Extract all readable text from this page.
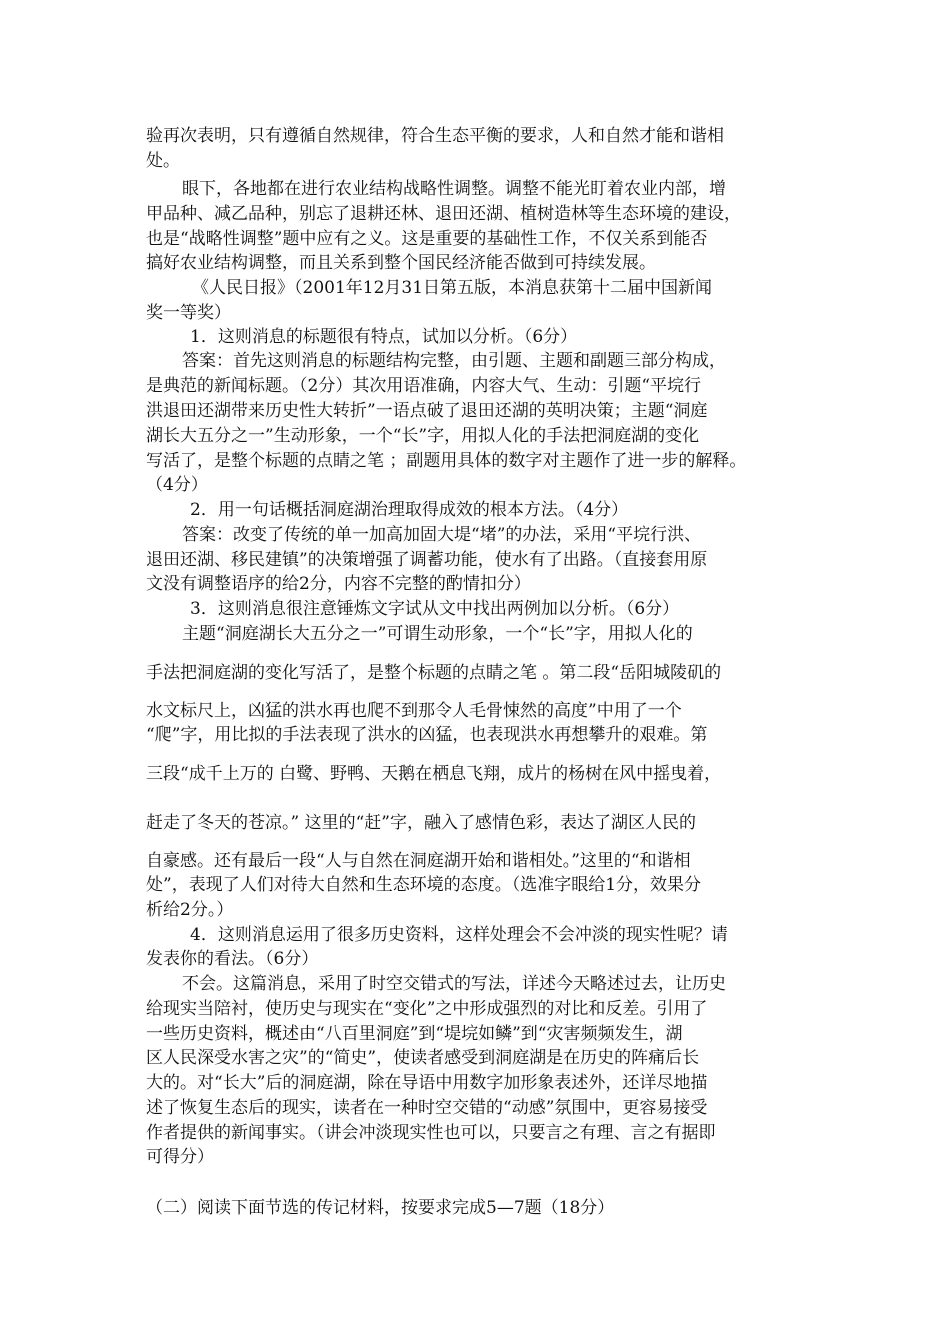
验再次表明，只有遵循自然规律，符合生态平衡的要求，人和自然才能和谐相
处。
眼下，各地都在进行农业结构战略性调整。调整不能光盯着农业内部，增
甲品种、减乙品种，别忘了退耕还林、退田还湖、植树造林等生态环境的建设，
也是“战略性调整”题中应有之义。这是重要的基础性工作，不仅关系到能否
搞好农业结构调整，而且关系到整个国民经济能否做到可持续发展。
《人民日报》（2001年12月31日第五版，本消息获第十二届中国新闻
奖一等奖）
1．这则消息的标题很有特点，试加以分析。（6分）
答案：首先这则消息的标题结构完整，由引题、主题和副题三部分构成，
是典范的新闻标题。（2分）其次用语准确，内容大气、生动：引题“平垸行
洪退田还湖带来历史性大转折”一语点破了退田还湖的英明决策；主题“洞庭
湖长大五分之一”生动形象，一个“长”字，用拟人化的手法把洞庭湖的变化
写活了，是整个标题的点睛之笔 ；副题用具体的数字对主题作了进一步的解释。
（4分）
2．用一句话概括洞庭湖治理取得成效的根本方法。（4分）
答案：改变了传统的单一加高加固大堤“堵”的办法，采用“平垸行洪、
退田还湖、移民建镇”的决策增强了调蓄功能，使水有了出路。（直接套用原
文没有调整语序的给2分，内容不完整的酌情扣分）
3．这则消息很注意锤炼文字试从文中找出两例加以分析。（6分）
主题“洞庭湖长大五分之一”可谓生动形象，一个“长”字，用拟人化的
手法把洞庭湖的变化写活了，是整个标题的点睛之笔 。第二段“岳阳城陵矶的
水文标尺上，凶猛的洪水再也爬不到那令人毛骨悚然的高度”中用了一个
“爬”字，用比拟的手法表现了洪水的凶猛，也表现洪水再想攀升的艰难。第
三段“成千上万的 白鹭、野鸭、天鹅在栖息飞翔，成片的杨树在风中摇曳着，
赶走了冬天的苍凉。” 这里的“赶”字，融入了感情色彩，表达了湖区人民的
自豪感。还有最后一段“人与自然在洞庭湖开始和谐相处。”这里的“和谐相
处”，表现了人们对待大自然和生态环境的态度。（选准字眼给1分，效果分
析给2分。）
4．这则消息运用了很多历史资料，这样处理会不会冲淡的现实性呢？请
发表你的看法。（6分）
不会。这篇消息，采用了时空交错式的写法，详述今天略述过去，让历史
给现实当陪衬，使历史与现实在“变化”之中形成强烈的对比和反差。引用了
一些历史资料，概述由“八百里洞庭”到“堤垸如鳞”到“灾害频频发生，湖
区人民深受水害之灾”的“简史”，使读者感受到洞庭湖是在历史的阵痛后长
大的。对“长大”后的洞庭湖，除在导语中用数字加形象表述外，还详尽地描
述了恢复生态后的现实，读者在一种时空交错的“动感”氛围中，更容易接受
作者提供的新闻事实。（讲会冲淡现实性也可以，只要言之有理、言之有据即
可得分）
（二）阅读下面节选的传记材料，按要求完成5—7题（18分）
